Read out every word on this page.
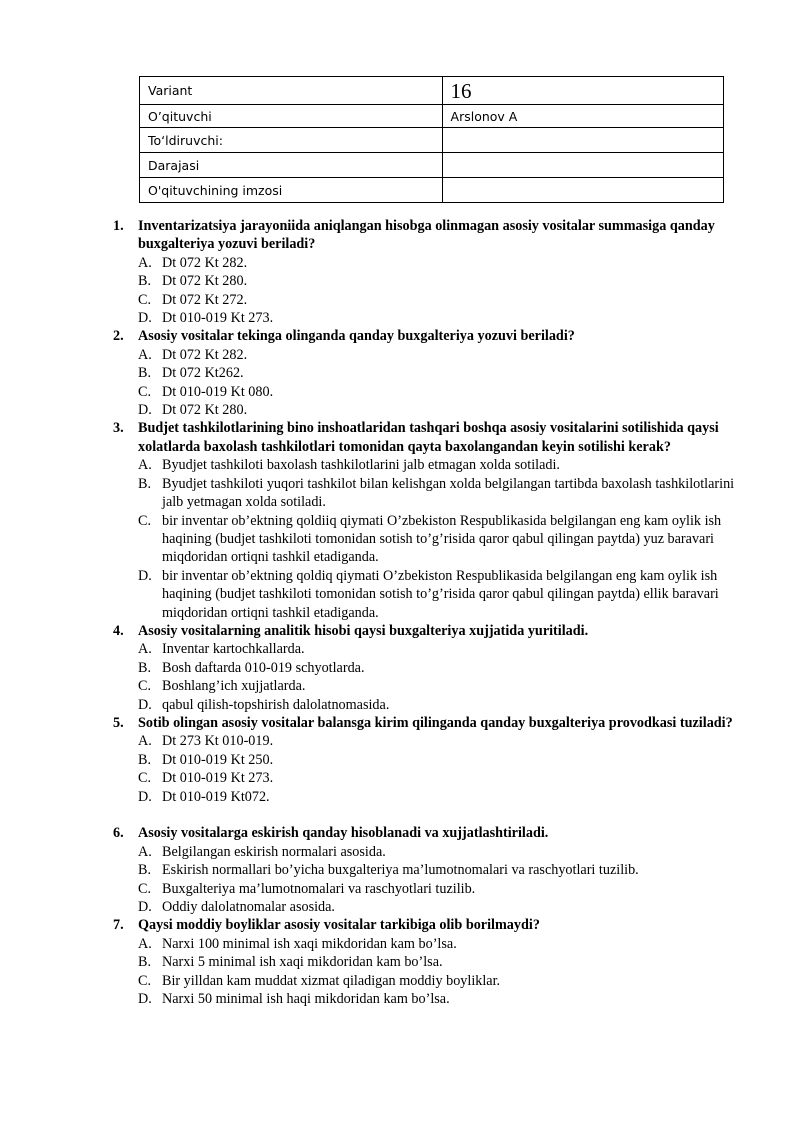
Variant	16
O’qituvchi	Arslonov A
To‘ldiruvchi:	
Darajasi	
O'qituvchining imzosi	
1.	Inventarizatsiya jarayoniida aniqlangan hisobga olinmagan asosiy vositalar summasiga qanday buxgalteriya yozuvi beriladi?
A. Dt 072 Kt 282.
B. Dt 072 Kt 280.
C. Dt 072 Kt 272.
D. Dt 010-019 Kt 273.
2.	Asosiy vositalar tekinga olinganda qanday buxgalteriya yozuvi beriladi?
A. Dt 072 Kt 282.
B. Dt 072 Kt262.
C. Dt 010-019 Kt 080.
D. Dt 072 Kt 280.
3.	Budjet tashkilotlarining bino inshoatlaridan tashqari boshqa asosiy vositalarini sotilishida qaysi xolatlarda baxolash tashkilotlari tomonidan qayta baxolangandan keyin sotilishi kerak?
A. Byudjet tashkiloti baxolash tashkilotlarini jalb etmagan xolda sotiladi.
B. Byudjet tashkiloti yuqori tashkilot bilan kelishgan xolda belgilangan tartibda baxolash tashkilotlarini jalb yetmagan xolda sotiladi.
C. bir inventar ob’ektning qoldiiq qiymati O’zbekiston Respublikasida belgilangan eng kam oylik ish haqining (budjet tashkiloti tomonidan sotish to’g’risida qaror qabul qilingan paytda) yuz baravari miqdoridan ortiqni tashkil etadiganda.
D. bir inventar ob’ektning qoldiq qiymati O’zbekiston Respublikasida belgilangan eng kam oylik ish haqining (budjet tashkiloti tomonidan sotish to’g’risida qaror qabul qilingan paytda) ellik baravari miqdoridan ortiqni tashkil etadiganda.
4.	Asosiy vositalarning analitik hisobi qaysi buxgalteriya xujjatida yuritiladi.
A. Inventar kartochkallarda.
B. Bosh daftarda 010-019 schyotlarda.
C. Boshlang’ich xujjatlarda.
D. qabul qilish-topshirish dalolatnomasida.
5.	Sotib olingan asosiy vositalar balansga kirim qilinganda qanday buxgalteriya provodkasi tuziladi?
A. Dt 273 Kt 010-019.
B. Dt 010-019 Kt 250.
C. Dt 010-019 Kt 273.
D. Dt 010-019 Kt072.
6.	Asosiy vositalarga eskirish qanday hisoblanadi va xujjatlashtiriladi.
A. Belgilangan eskirish normalari asosida.
B. Eskirish normallari bo’yicha buxgalteriya ma’lumotnomalari va raschyotlari tuzilib.
C. Buxgalteriya ma’lumotnomalari va raschyotlari tuzilib.
D. Oddiy dalolatnomalar asosida.
7.	Qaysi moddiy boyliklar asosiy vositalar tarkibiga olib borilmaydi?
A. Narxi 100 minimal ish xaqi mikdoridan kam bo’lsa.
B. Narxi 5 minimal ish xaqi mikdoridan kam bo’lsa.
C. Bir yilldan kam muddat xizmat qiladigan moddiy boyliklar.
D. Narxi 50 minimal ish haqi mikdoridan kam bo’lsa.
